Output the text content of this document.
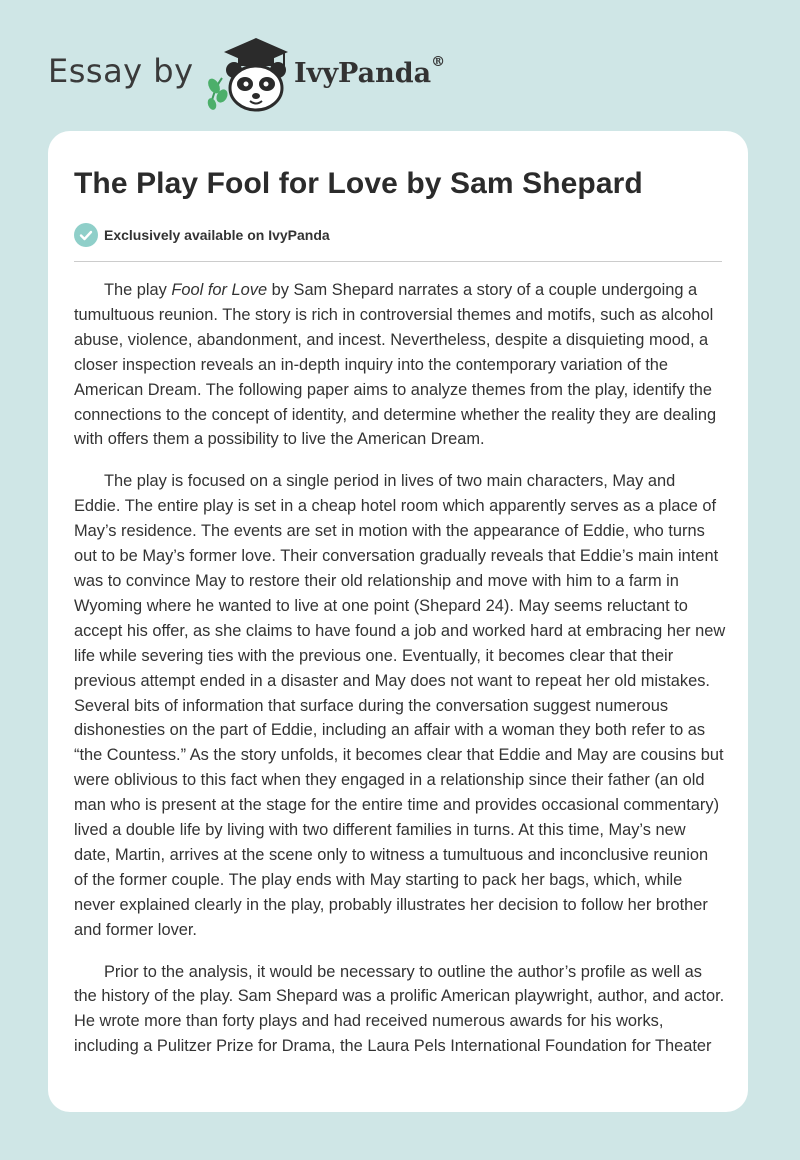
Essay by	IvyPanda®
The Play Fool for Love by Sam Shepard
Exclusively available on IvyPanda

The play Fool for Love by Sam Shepard narrates a story of a couple undergoing a tumultuous reunion. The story is rich in controversial themes and motifs, such as alcohol abuse, violence, abandonment, and incest. Nevertheless, despite a disquieting mood, a closer inspection reveals an in-depth inquiry into the contemporary variation of the American Dream. The following paper aims to analyze themes from the play, identify the connections to the concept of identity, and determine whether the reality they are dealing with offers them a possibility to live the American Dream.

The play is focused on a single period in lives of two main characters, May and Eddie. The entire play is set in a cheap hotel room which apparently serves as a place of May’s residence. The events are set in motion with the appearance of Eddie, who turns out to be May’s former love. Their conversation gradually reveals that Eddie’s main intent was to convince May to restore their old relationship and move with him to a farm in Wyoming where he wanted to live at one point (Shepard 24). May seems reluctant to accept his offer, as she claims to have found a job and worked hard at embracing her new life while severing ties with the previous one. Eventually, it becomes clear that their previous attempt ended in a disaster and May does not want to repeat her old mistakes. Several bits of information that surface during the conversation suggest numerous dishonesties on the part of Eddie, including an affair with a woman they both refer to as “the Countess.” As the story unfolds, it becomes clear that Eddie and May are cousins but were oblivious to this fact when they engaged in a relationship since their father (an old man who is present at the stage for the entire time and provides occasional commentary) lived a double life by living with two different families in turns. At this time, May’s new date, Martin, arrives at the scene only to witness a tumultuous and inconclusive reunion of the former couple. The play ends with May starting to pack her bags, which, while never explained clearly in the play, probably illustrates her decision to follow her brother and former lover.

Prior to the analysis, it would be necessary to outline the author’s profile as well as the history of the play. Sam Shepard was a prolific American playwright, author, and actor. He wrote more than forty plays and had received numerous awards for his works, including a Pulitzer Prize for Drama, the Laura Pels International Foundation for Theater
